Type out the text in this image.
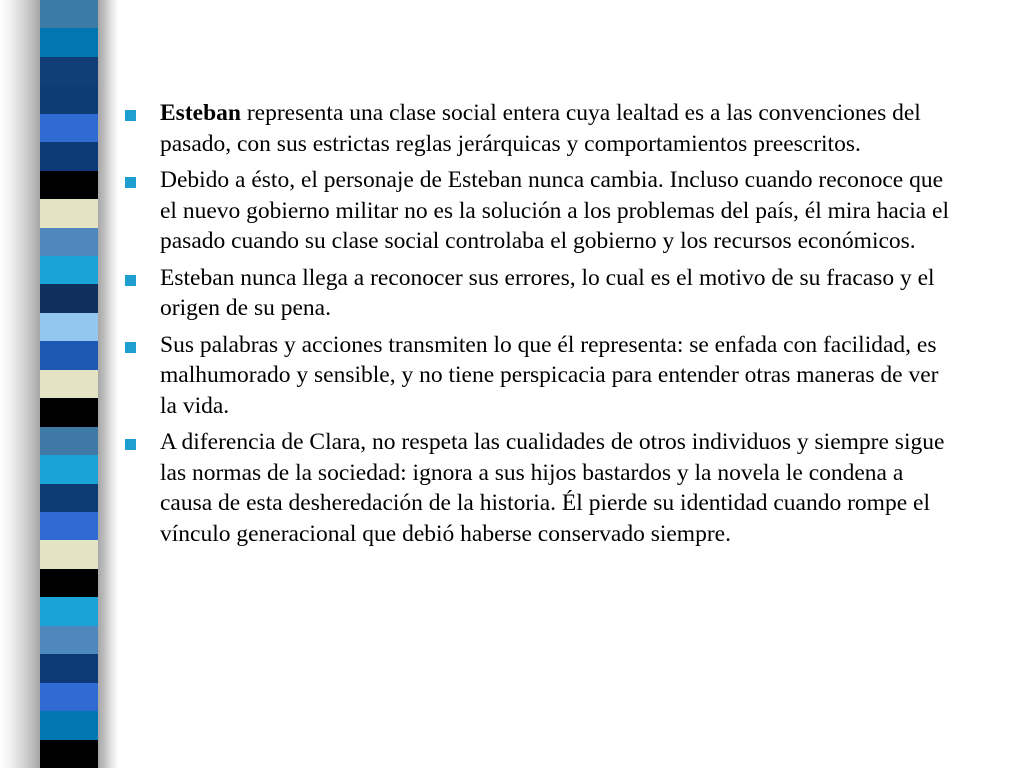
Esteban representa una clase social entera cuya lealtad es a las convenciones del pasado, con sus estrictas reglas jerárquicas y comportamientos preescritos.
Debido a ésto, el personaje de Esteban nunca cambia. Incluso cuando reconoce que el nuevo gobierno militar no es la solución a los problemas del país, él mira hacia el pasado cuando su clase social controlaba el gobierno y los recursos económicos.
Esteban nunca llega a reconocer sus errores, lo cual es el motivo de su fracaso y el origen de su pena.
Sus palabras y acciones transmiten lo que él representa: se enfada con facilidad, es malhumorado y sensible, y no tiene perspicacia para entender otras maneras de ver la vida.
A diferencia de Clara, no respeta las cualidades de otros individuos y siempre sigue las normas de la sociedad: ignora a sus hijos bastardos y la novela le condena a causa de esta desheredación de la historia. Él pierde su identidad cuando rompe el vínculo generacional que debió haberse conservado siempre.
